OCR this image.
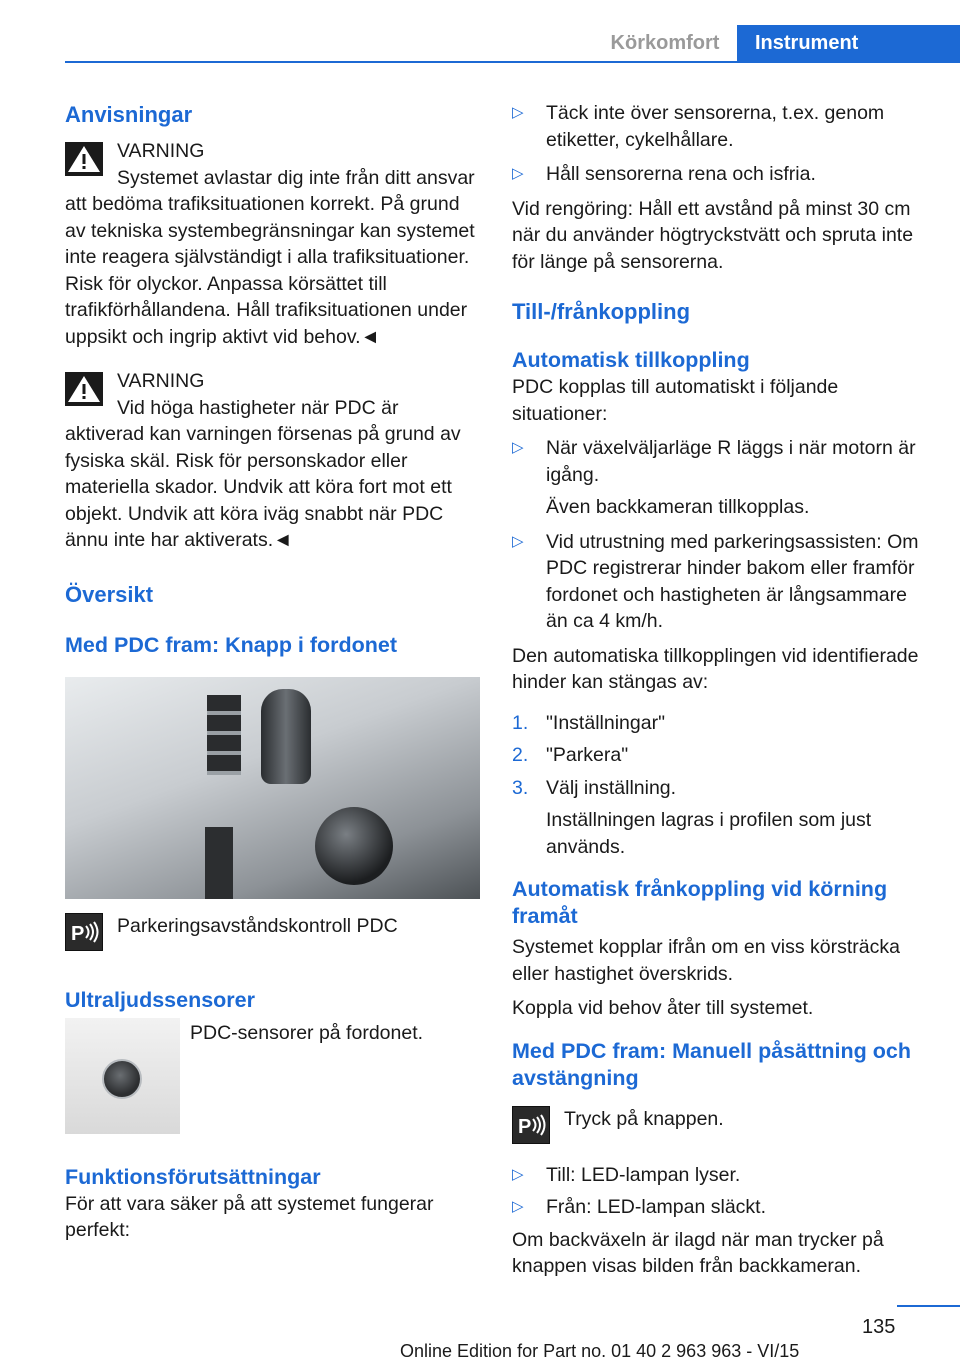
Körkomfort	Instrument
Anvisningar
VARNING

Systemet avlastar dig inte från ditt ansvar att bedöma trafiksituationen korrekt. På grund av tekniska systembegränsningar kan systemet inte reagera självständigt i alla trafiksituationer. Risk för olyckor. Anpassa körsättet till trafikförhållandena. Håll trafiksituationen under uppsikt och ingrip aktivt vid behov.◄

VARNING

Vid höga hastigheter när PDC är aktiverad kan varningen försenas på grund av fysiska skäl. Risk för personskador eller materiella skador. Undvik att köra fort mot ett objekt. Undvik att köra iväg snabbt när PDC ännu inte har aktiverats.◄

Översikt
Med PDC fram: Knapp i fordonet
P Parkeringsavståndskontroll PDC
Ultraljudssensorer
PDC-sensorer på fordonet.
Funktionsförutsättningar

För att vara säker på att systemet fungerar perfekt:

▷ Täck inte över sensorerna, t.ex. genom etiketter, cykelhållare.
▷ Håll sensorerna rena och isfria.

Vid rengöring: Håll ett avstånd på minst 30 cm när du använder högtryckstvätt och spruta inte för länge på sensorerna.

Till-/frånkoppling
Automatisk tillkoppling

PDC kopplas till automatiskt i följande situationer:

▷ När växelväljarläge R läggs i när motorn är igång.

Även backkameran tillkopplas.

▷ Vid utrustning med parkeringsassisten: Om PDC registrerar hinder bakom eller framför fordonet och hastigheten är långsammare än ca 4 km/h.

Den automatiska tillkopplingen vid identifierade hinder kan stängas av:

1. "Inställningar"
2. "Parkera"
3. Välj inställning.

Inställningen lagras i profilen som just används.

Automatisk frånkoppling vid körning framåt

Systemet kopplar ifrån om en viss körsträcka eller hastighet överskrids.

Koppla vid behov åter till systemet.

Med PDC fram: Manuell påsättning och avstängning
P Tryck på knappen.
▷ Till: LED-lampan lyser.
▷ Från: LED-lampan släckt.

Om backväxeln är ilagd när man trycker på knappen visas bilden från backkameran.

135
Online Edition for Part no. 01 40 2 963 963 - VI/15
